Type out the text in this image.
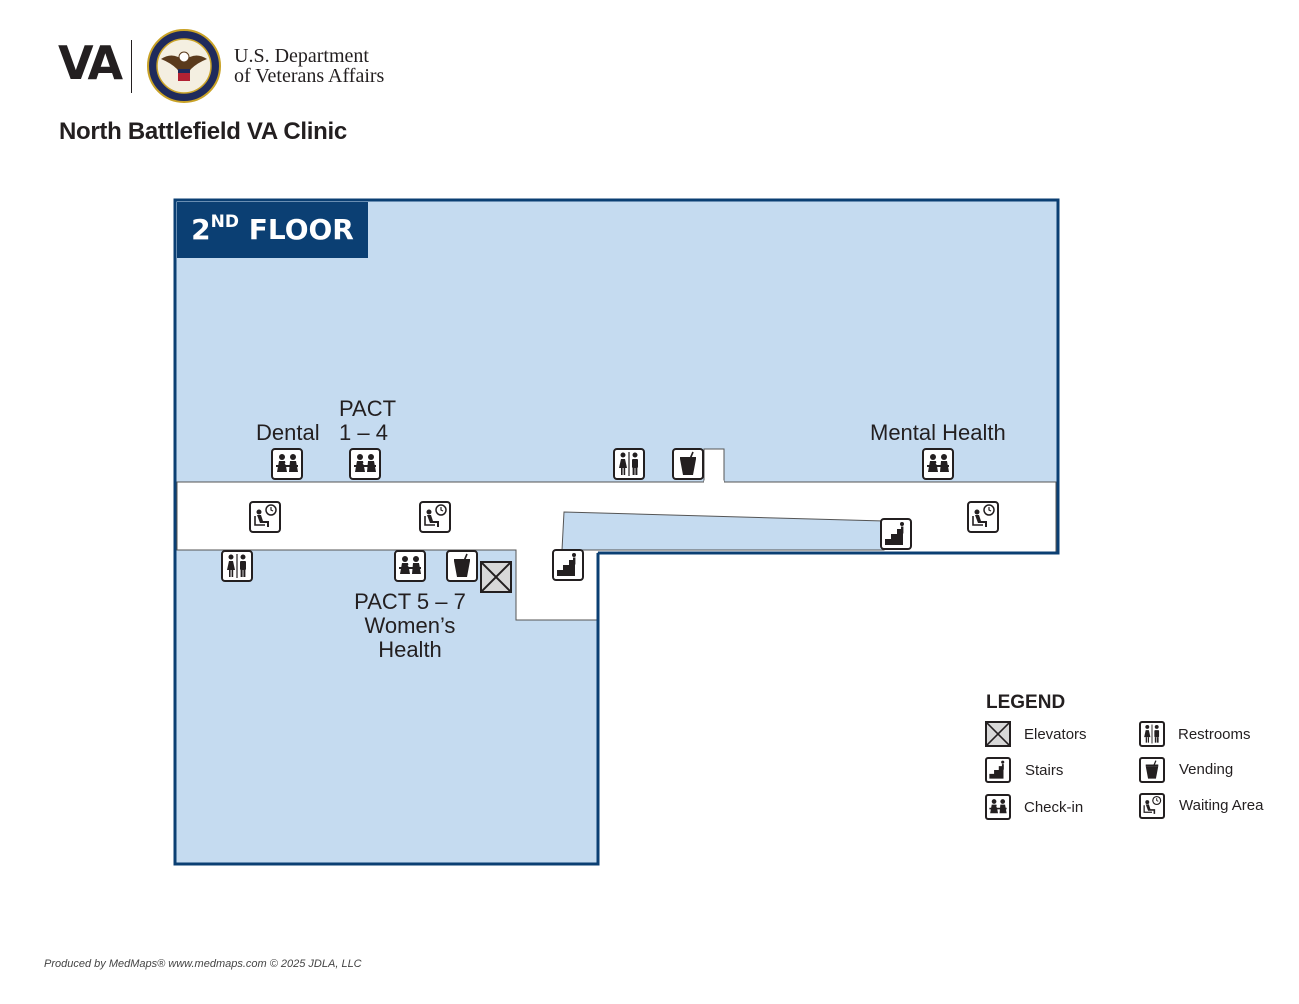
VA	U.S. Department
of Veterans Affairs
North Battlefield VA Clinic
2ND FLOOR
Dental
PACT
1 – 4	Mental Health
PACT 5 – 7
Women’s
Health
LEGEND
Elevators
Stairs
Check-in
Restrooms
Vending
Waiting Area
Produced by MedMaps® www.medmaps.com © 2025 JDLA, LLC
